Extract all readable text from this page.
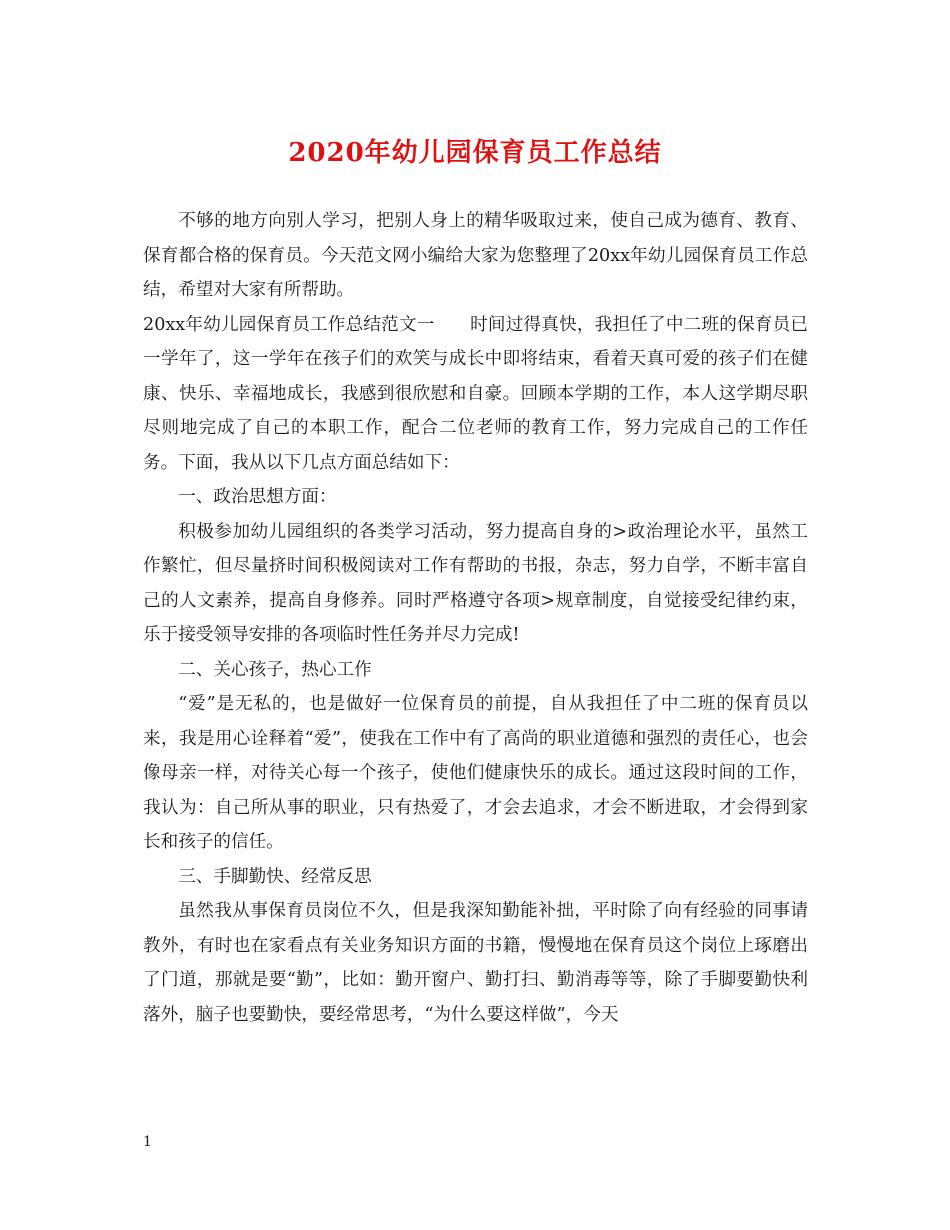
2020年幼儿园保育员工作总结

不够的地方向别人学习，把别人身上的精华吸取过来，使自己成为德育、教育、保育都合格的保育员。今天范文网小编给大家为您整理了20xx年幼儿园保育员工作总结，希望对大家有所帮助。

20xx年幼儿园保育员工作总结范文一　　时间过得真快，我担任了中二班的保育员已一学年了，这一学年在孩子们的欢笑与成长中即将结束，看着天真可爱的孩子们在健康、快乐、幸福地成长，我感到很欣慰和自豪。回顾本学期的工作，本人这学期尽职尽则地完成了自己的本职工作，配合二位老师的教育工作，努力完成自己的工作任务。下面，我从以下几点方面总结如下：

一、政治思想方面：

积极参加幼儿园组织的各类学习活动，努力提高自身的>政治理论水平，虽然工作繁忙，但尽量挤时间积极阅读对工作有帮助的书报，杂志，努力自学，不断丰富自己的人文素养，提高自身修养。同时严格遵守各项>规章制度，自觉接受纪律约束，乐于接受领导安排的各项临时性任务并尽力完成!

二、关心孩子，热心工作

“爱”是无私的，也是做好一位保育员的前提，自从我担任了中二班的保育员以来，我是用心诠释着“爱”，使我在工作中有了高尚的职业道德和强烈的责任心，也会像母亲一样，对待关心每一个孩子，使他们健康快乐的成长。通过这段时间的工作，我认为：自己所从事的职业，只有热爱了，才会去追求，才会不断进取，才会得到家长和孩子的信任。

三、手脚勤快、经常反思

虽然我从事保育员岗位不久，但是我深知勤能补拙，平时除了向有经验的同事请教外，有时也在家看点有关业务知识方面的书籍，慢慢地在保育员这个岗位上琢磨出了门道，那就是要“勤”，比如：勤开窗户、勤打扫、勤消毒等等，除了手脚要勤快利落外，脑子也要勤快，要经常思考，“为什么要这样做”，今天

1
